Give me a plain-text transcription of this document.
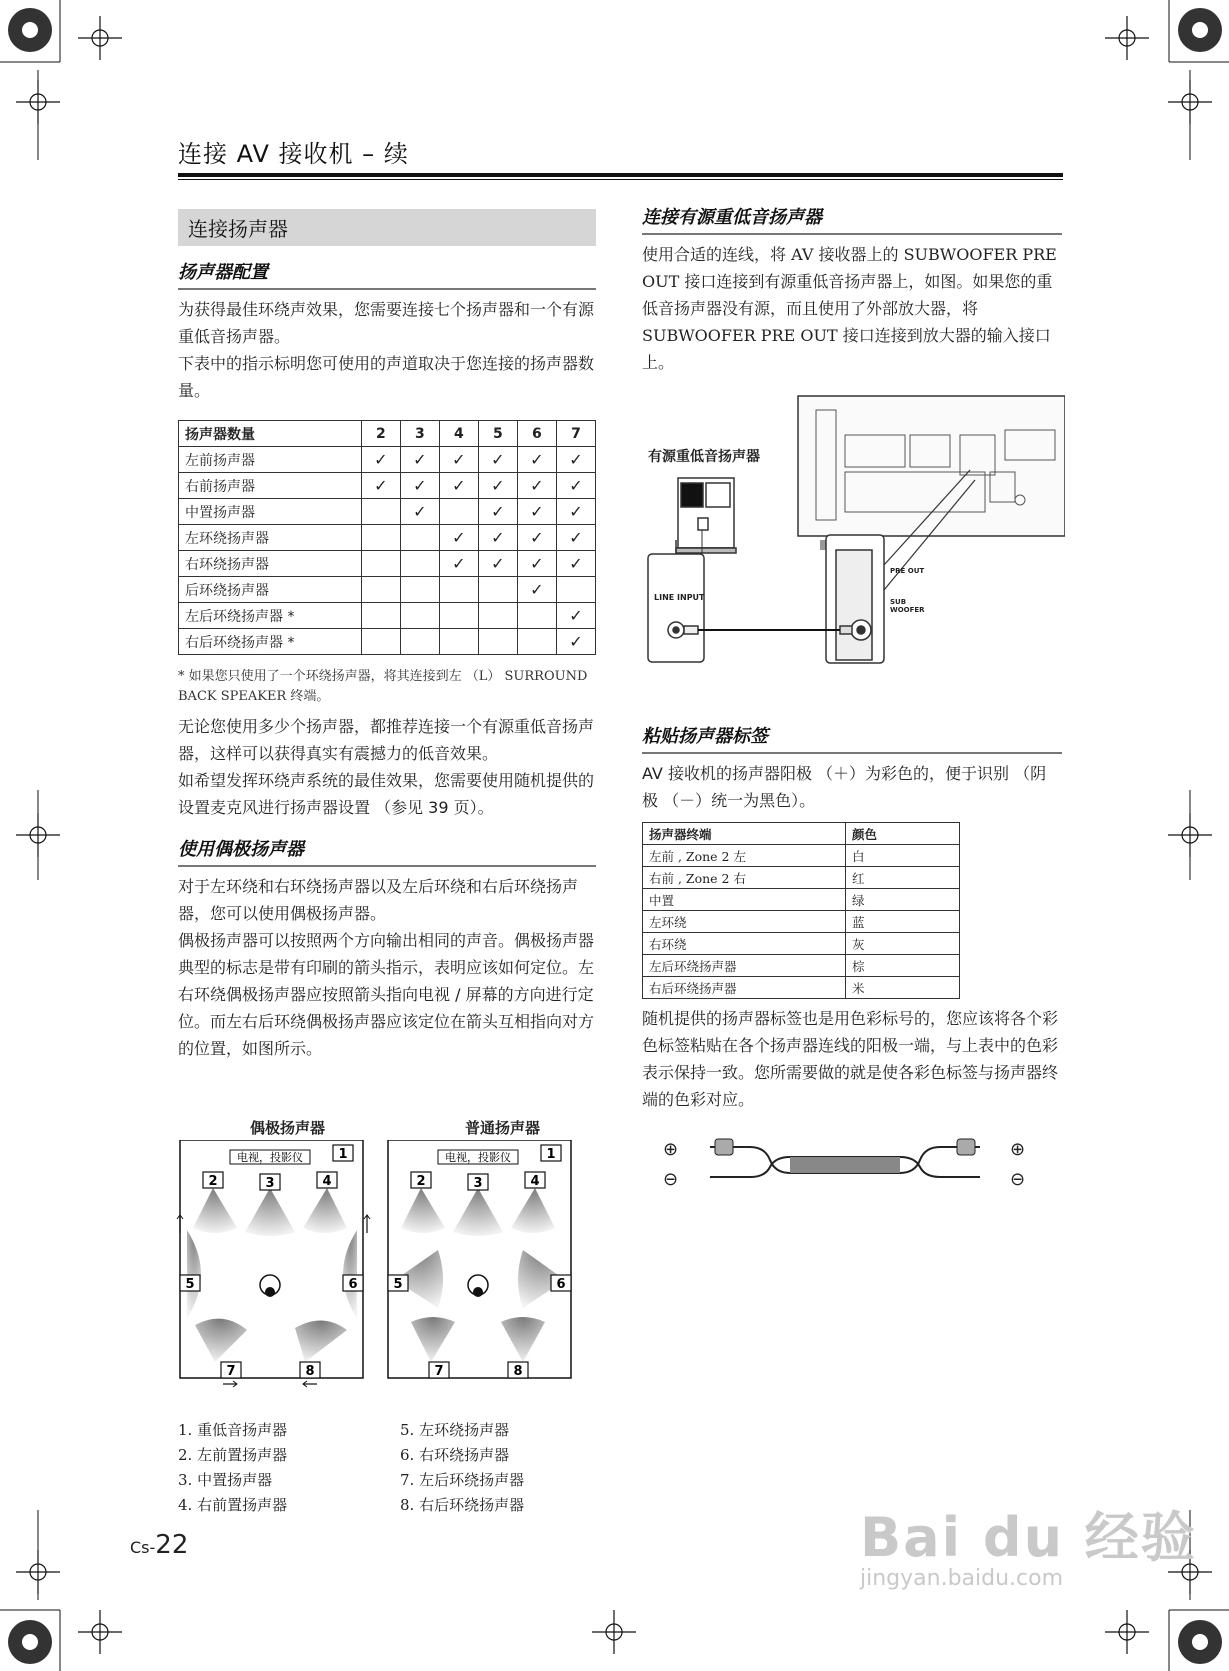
连接 AV 接收机 – 续
连接扬声器
扬声器配置

为获得最佳环绕声效果，您需要连接七个扬声器和一个有源重低音扬声器。

下表中的指示标明您可使用的声道取决于您连接的扬声器数量。

扬声器数量	2	3	4	5	6	7
左前扬声器	✓	✓	✓	✓	✓	✓
右前扬声器	✓	✓	✓	✓	✓	✓
中置扬声器		✓		✓	✓	✓
左环绕扬声器			✓	✓	✓	✓
右环绕扬声器			✓	✓	✓	✓
后环绕扬声器					✓	
左后环绕扬声器 *						✓
右后环绕扬声器 *						✓
* 如果您只使用了一个环绕扬声器，将其连接到左 （L） SURROUND BACK SPEAKER 终端。

无论您使用多少个扬声器，都推荐连接一个有源重低音扬声器，这样可以获得真实有震撼力的低音效果。

如希望发挥环绕声系统的最佳效果，您需要使用随机提供的设置麦克风进行扬声器设置 （参见 39 页）。

使用偶极扬声器

对于左环绕和右环绕扬声器以及左后环绕和右后环绕扬声器，您可以使用偶极扬声器。

偶极扬声器可以按照两个方向输出相同的声音。偶极扬声器典型的标志是带有印刷的箭头指示，表明应该如何定位。左右环绕偶极扬声器应按照箭头指向电视 / 屏幕的方向进行定位。而左右后环绕偶极扬声器应该定位在箭头互相指向对方的位置，如图所示。

偶极扬声器	普通扬声器
电视，投影仪
2	3	4
1
5	6
7	8
电视，投影仪
2	3	4
1
5	6
7	8
1. 重低音扬声器
2. 左前置扬声器
3. 中置扬声器
4. 右前置扬声器
5. 左环绕扬声器
6. 右环绕扬声器
7. 左后环绕扬声器
8. 右后环绕扬声器
连接有源重低音扬声器

使用合适的连线，将 AV 接收器上的 SUBWOOFER PRE OUT 接口连接到有源重低音扬声器上，如图。如果您的重低音扬声器没有源，而且使用了外部放大器，将 SUBWOOFER PRE OUT 接口连接到放大器的输入接口上。

有源重低音扬声器
LINE INPUT
PRE OUT
SUB
WOOFER
粘贴扬声器标签

AV 接收机的扬声器阳极 （＋）为彩色的，便于识别 （阴极 （－）统一为黑色）。

扬声器终端	颜色
左前 , Zone 2 左	白
右前 , Zone 2 右	红
中置	绿
左环绕	蓝
右环绕	灰
左后环绕扬声器	棕
右后环绕扬声器	米

随机提供的扬声器标签也是用色彩标号的，您应该将各个彩色标签粘贴在各个扬声器连线的阳极一端，与上表中的色彩表示保持一致。您所需要做的就是使各彩色标签与扬声器终端的色彩对应。

⊕
⊖
⊕
⊖
Cs-22	Bai du 经验
jingyan.baidu.com
